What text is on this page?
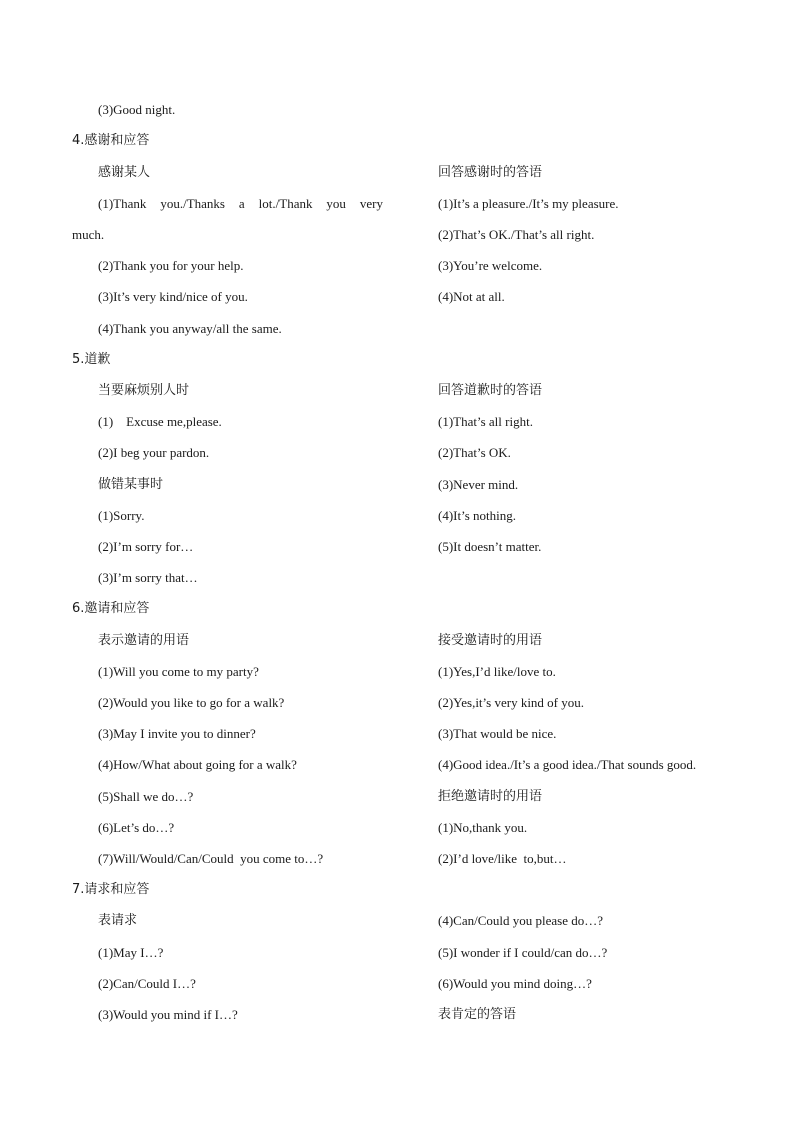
(3)Good night.
4.感谢和应答
感谢某人	回答感谢时的答语
(1)Thank you./Thanks a lot./Thank you very	(1)It’s a pleasure./It’s my pleasure.
much.	(2)That’s OK./That’s all right.
(2)Thank you for your help.	(3)You’re welcome.
(3)It’s very kind/nice of you.	(4)Not at all.
(4)Thank you anyway/all the same.
5.道歉
当要麻烦别人时	回答道歉时的答语
(1)    Excuse me,please.	(1)That’s all right.
(2)I beg your pardon.	(2)That’s OK.
做错某事时	(3)Never mind.
(1)Sorry.	(4)It’s nothing.
(2)I’m sorry for…	(5)It doesn’t matter.
(3)I’m sorry that…
6.邀请和应答
表示邀请的用语	接受邀请时的用语
(1)Will you come to my party?	(1)Yes,I’d like/love to.
(2)Would you like to go for a walk?	(2)Yes,it’s very kind of you.
(3)May I invite you to dinner?	(3)That would be nice.
(4)How/What about going for a walk?	(4)Good idea./It’s a good idea./That sounds good.
(5)Shall we do…?	拒绝邀请时的用语
(6)Let’s do…?	(1)No,thank you.
(7)Will/Would/Can/Could  you come to…?	(2)I’d love/like  to,but…
7.请求和应答
表请求	(4)Can/Could you please do…?
(1)May I…?	(5)I wonder if I could/can do…?
(2)Can/Could I…?	(6)Would you mind doing…?
(3)Would you mind if I…?	表肯定的答语
